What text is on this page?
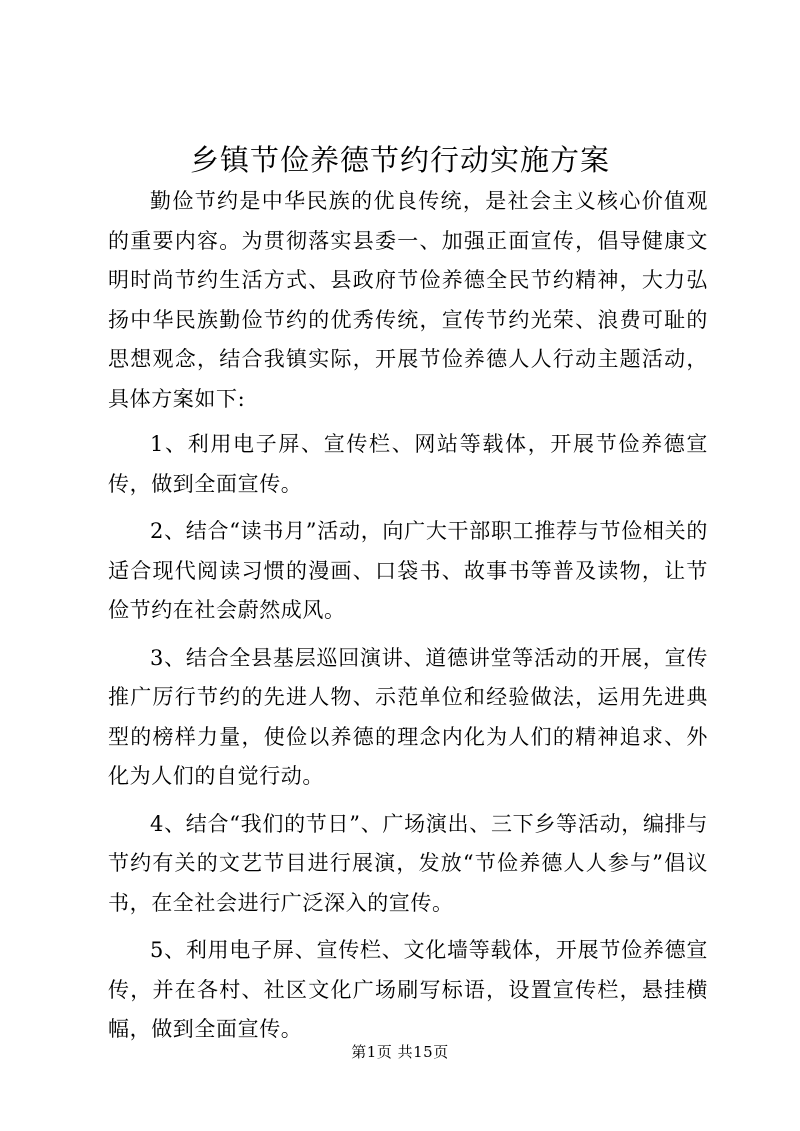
乡镇节俭养德节约行动实施方案

勤俭节约是中华民族的优良传统，是社会主义核心价值观的重要内容。为贯彻落实县委一、加强正面宣传，倡导健康文明时尚节约生活方式、县政府节俭养德全民节约精神，大力弘扬中华民族勤俭节约的优秀传统，宣传节约光荣、浪费可耻的思想观念，结合我镇实际，开展节俭养德人人行动主题活动，具体方案如下:

1、利用电子屏、宣传栏、网站等载体，开展节俭养德宣传，做到全面宣传。

2、结合“读书月”活动，向广大干部职工推荐与节俭相关的适合现代阅读习惯的漫画、口袋书、故事书等普及读物，让节俭节约在社会蔚然成风。

3、结合全县基层巡回演讲、道德讲堂等活动的开展，宣传推广厉行节约的先进人物、示范单位和经验做法，运用先进典型的榜样力量，使俭以养德的理念内化为人们的精神追求、外化为人们的自觉行动。

4、结合“我们的节日”、广场演出、三下乡等活动，编排与节约有关的文艺节目进行展演，发放“节俭养德人人参与”倡议书，在全社会进行广泛深入的宣传。

5、利用电子屏、宣传栏、文化墙等载体，开展节俭养德宣传，并在各村、社区文化广场刷写标语，设置宣传栏，悬挂横幅，做到全面宣传。

第1页 共15页
